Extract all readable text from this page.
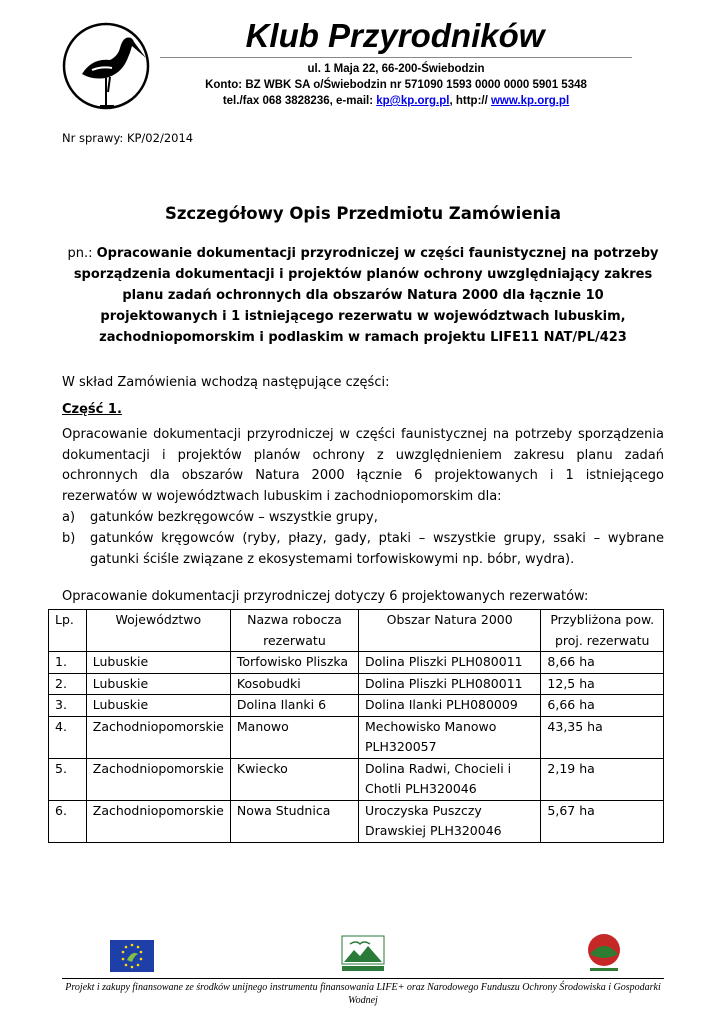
Klub Przyrodników
ul. 1 Maja 22, 66-200-Świebodzin
Konto: BZ WBK SA o/Świebodzin nr 571090 1593 0000 0000 5901 5348
tel./fax 068 3828236, e-mail: kp@kp.org.pl, http:// www.kp.org.pl
Nr sprawy: KP/02/2014
Szczegółowy Opis Przedmiotu Zamówienia
pn.: Opracowanie dokumentacji przyrodniczej w części faunistycznej na potrzeby sporządzenia dokumentacji i projektów planów ochrony uwzględniający zakres planu zadań ochronnych dla obszarów Natura 2000 dla łącznie 10 projektowanych i 1 istniejącego rezerwatu w województwach lubuskim, zachodniopomorskim i podlaskim w ramach projektu LIFE11 NAT/PL/423
W skład Zamówienia wchodzą następujące części:
Część 1.
Opracowanie dokumentacji przyrodniczej w części faunistycznej na potrzeby sporządzenia dokumentacji i projektów planów ochrony z uwzględnieniem zakresu planu zadań ochronnych dla obszarów Natura 2000 łącznie 6 projektowanych i 1 istniejącego rezerwatów w województwach lubuskim i zachodniopomorskim dla:
a)	gatunków bezkręgowców – wszystkie grupy,
b)	gatunków kręgowców (ryby, płazy, gady, ptaki – wszystkie grupy, ssaki – wybrane gatunki ściśle związane z ekosystemami torfowiskowymi np. bóbr, wydra).
Opracowanie dokumentacji przyrodniczej dotyczy 6 projektowanych rezerwatów:
Lp.	Województwo	Nazwa robocza rezerwatu	Obszar Natura 2000	Przybliżona pow. proj. rezerwatu
1.	Lubuskie	Torfowisko Pliszka	Dolina Pliszki PLH080011	8,66 ha
2.	Lubuskie	Kosobudki	Dolina Pliszki PLH080011	12,5 ha
3.	Lubuskie	Dolina Ilanki 6	Dolina Ilanki PLH080009	6,66 ha
4.	Zachodniopomorskie	Manowo	Mechowisko Manowo PLH320057	43,35 ha
5.	Zachodniopomorskie	Kwiecko	Dolina Radwi, Chocieli i Chotli PLH320046	2,19 ha
6.	Zachodniopomorskie	Nowa Studnica	Uroczyska Puszczy Drawskiej PLH320046	5,67 ha
Projekt i zakupy finansowane ze środków unijnego instrumentu finansowania LIFE+ oraz Narodowego Funduszu Ochrony Środowiska i Gospodarki Wodnej
